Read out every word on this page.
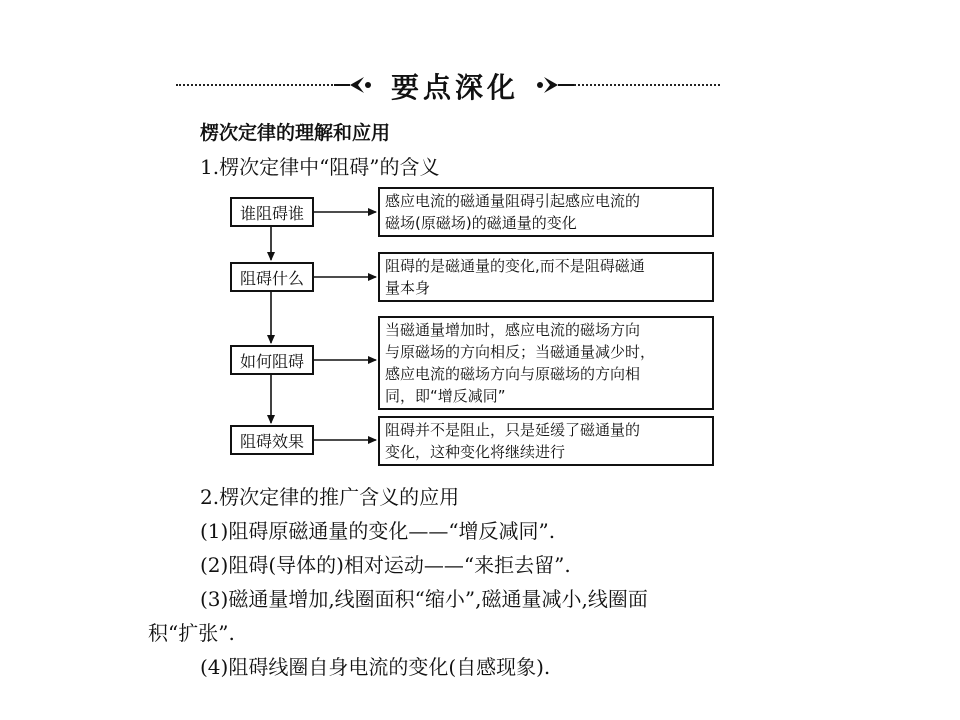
要点深化
楞次定律的理解和应用
1.楞次定律中“阻碍”的含义
谁阻碍谁
阻碍什么
如何阻碍
阻碍效果
感应电流的磁通量阻碍引起感应电流的
磁场(原磁场)的磁通量的变化
阻碍的是磁通量的变化,而不是阻碍磁通
量本身
当磁通量增加时，感应电流的磁场方向
与原磁场的方向相反；当磁通量减少时，
感应电流的磁场方向与原磁场的方向相
同，即“增反减同”
阻碍并不是阻止，只是延缓了磁通量的
变化，这种变化将继续进行
2.楞次定律的推广含义的应用
(1)阻碍原磁通量的变化——“增反减同”.
(2)阻碍(导体的)相对运动——“来拒去留”.
(3)磁通量增加,线圈面积“缩小”,磁通量减小,线圈面
积“扩张”.
(4)阻碍线圈自身电流的变化(自感现象).
